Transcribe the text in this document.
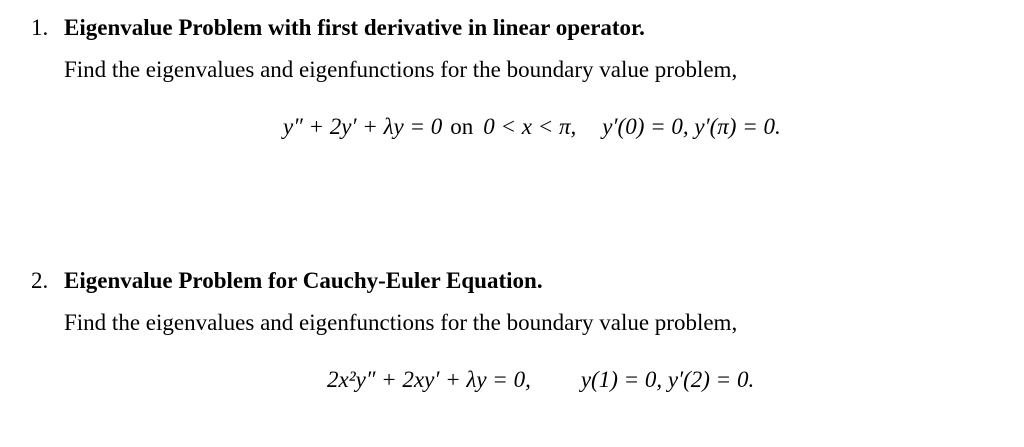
1. Eigenvalue Problem with first derivative in linear operator.
Find the eigenvalues and eigenfunctions for the boundary value problem,
y″ + 2y′ + λy = 0 on 0 < x < π, y′(0) = 0, y′(π) = 0.
2. Eigenvalue Problem for Cauchy-Euler Equation.
Find the eigenvalues and eigenfunctions for the boundary value problem,
2x²y″ + 2xy′ + λy = 0, y(1) = 0, y′(2) = 0.
